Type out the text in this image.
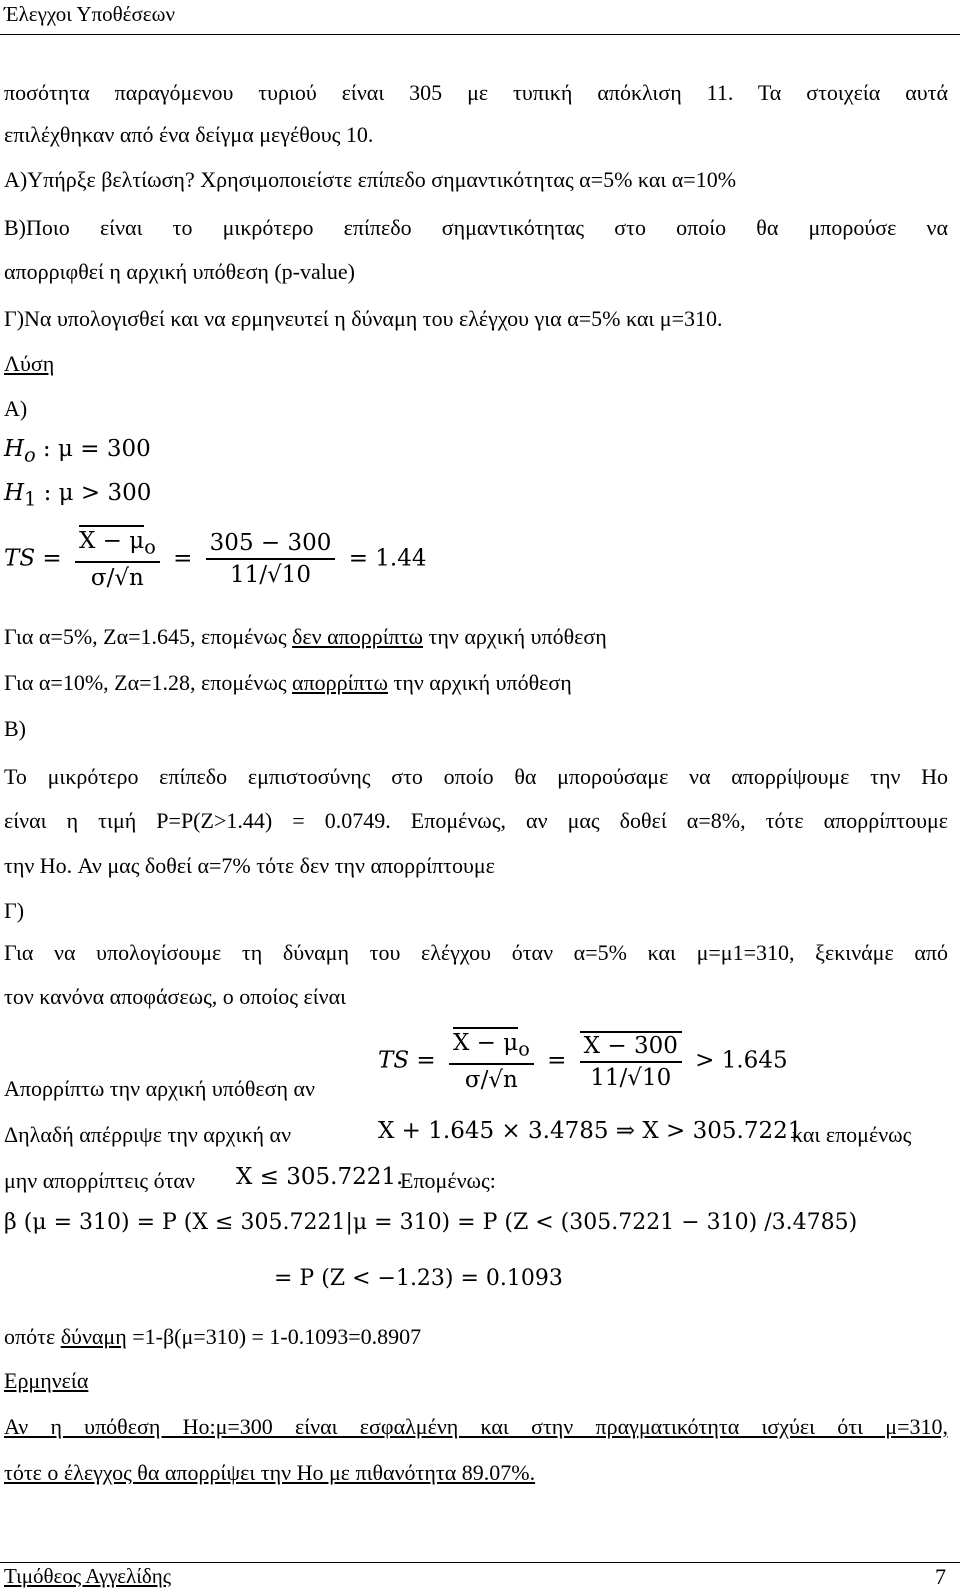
Έλεγχοι Υποθέσεων
ποσότητα παραγόμενου τυριού είναι 305 με τυπική απόκλιση 11. Τα στοιχεία αυτά
επιλέχθηκαν από ένα δείγμα μεγέθους 10.
Α)Υπήρξε βελτίωση? Χρησιμοποιείστε επίπεδο σημαντικότητας α=5% και α=10%
Β)Ποιο είναι το μικρότερο επίπεδο σημαντικότητας στο οποίο θα μπορούσε να
απορριφθεί η αρχική υπόθεση (p-value)
Γ)Να υπολογισθεί και να ερμηνευτεί η δύναμη του ελέγχου για α=5% και μ=310.
Λύση
Α)
$H_o$ : μ = 300
$H_1$ : μ > 300
TS = $\frac{X - \mu_o}{\sigma/√n} = \frac{305 - 300}{11/√10} = 1.44$
Για α=5%, Ζα=1.645, επομένως δεν απορρίπτω την αρχική υπόθεση
Για α=10%, Ζα=1.28, επομένως απορρίπτω την αρχική υπόθεση
Β)
Το μικρότερο επίπεδο εμπιστοσύνης στο οποίο θα μπορούσαμε να απορρίψουμε την Ho
είναι η τιμή P=P(Z>1.44) = 0.0749. Επομένως, αν μας δοθεί α=8%, τότε απορρίπτουμε
την Ho. Αν μας δοθεί α=7% τότε δεν την απορρίπτουμε
Γ)
Για να υπολογίσουμε τη δύναμη του ελέγχου όταν α=5% και μ=μ1=310, ξεκινάμε από
τον κανόνα αποφάσεως, ο οποίος είναι
Απορρίπτω την αρχική υπόθεση αν
TS = $\frac{X - \mu_o}{\sigma/√n} = \frac{X - 300}{11/√10} > 1.645$
Δηλαδή απέρριψε την αρχική αν	X + 1.645 × 3.4785 ⇒ X > 305.7221
και επομένως
μην απορρίπτεις όταν X ≤ 305.7221.
Επομένως:
β (μ = 310) = P (X ≤ 305.7221|μ = 310) = P (Z < (305.7221 − 310) /3.4785)
= P (Z < −1.23) = 0.1093
οπότε δύναμη =1-β(μ=310) = 1-0.1093=0.8907
Ερμηνεία
Αν η υπόθεση Ho:μ=300 είναι εσφαλμένη και στην πραγματικότητα ισχύει ότι μ=310,
τότε ο έλεγχος θα απορρίψει την Ho με πιθανότητα 89.07%.
Τιμόθεος Αγγελίδης	7
